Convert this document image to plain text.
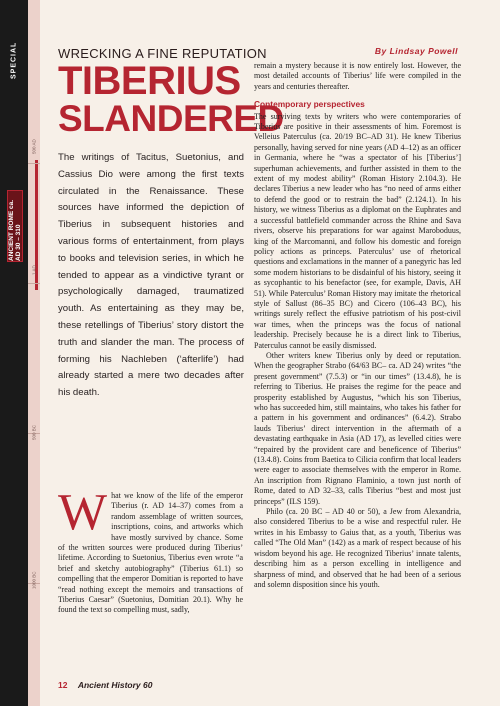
SPECIAL
ANCIENT ROME ca. AD 30 – 310
500 AD
1 AD
500 BC
1000 BC
WRECKING A FINE REPUTATION
TIBERIUS
SLANDERED
The writings of Tacitus, Suetonius, and Cassius Dio were among the first texts circulated in the Renaissance. These sources have informed the depiction of Tiberius in subsequent histories and various forms of entertainment, from plays to books and television series, in which he tended to appear as a vindictive tyrant or psychologically damaged, traumatized youth. As entertaining as they may be, these retellings of Tiberius’ story distort the truth and slander the man. The process of forming his Nachleben (‘afterlife’) had already started a mere two decades after his death.
By Lindsay Powell

What we know of the life of the emperor Tiberius (r. AD 14–37) comes from a random assemblage of written sources, inscriptions, coins, and artworks which have mostly survived by chance. Some of the written sources were produced during Tiberius’ lifetime. According to Suetonius, Tiberius even wrote “a brief and sketchy autobiography” (Tiberius 61.1) so compelling that the emperor Domitian is reported to have “read nothing except the memoirs and transactions of Tiberius Caesar” (Suetonius, Domitian 20.1). Why he found the text so compelling must, sadly,

remain a mystery because it is now entirely lost. However, the most detailed accounts of Tiberius’ life were compiled in the years and centuries thereafter.

Contemporary perspectives

The surviving texts by writers who were contemporaries of Tiberius are positive in their assessments of him. Foremost is Velleius Paterculus (ca. 20/19 BC–AD 31). He knew Tiberius personally, having served for nine years (AD 4–12) as an officer in Germania, where he “was a spectator of his [Tiberius’] superhuman achievements, and further assisted in them to the extent of my modest ability” (Roman History 2.104.3). He declares Tiberius a new leader who has “no need of arms either to defend the good or to restrain the bad” (2.124.1). In his history, we witness Tiberius as a diplomat on the Euphrates and a successful battlefield commander across the Rhine and Sava rivers, observe his preparations for war against Maroboduus, king of the Marcomanni, and follow his domestic and foreign policy actions as princeps. Paterculus’ use of rhetorical questions and exclamations in the manner of a panegyric has led some modern historians to be disdainful of his history, seeing it as sycophantic to his benefactor (see, for example, Davis, AH 51). While Paterculus’ Roman History may imitate the rhetorical style of Sallust (86–35 BC) and Cicero (106–43 BC), his writings surely reflect the effusive patriotism of his post-civil war times, when the princeps was the focus of national leadership. Precisely because he is a direct link to Tiberius, Paterculus cannot be easily dismissed.

Other writers knew Tiberius only by deed or reputation. When the geographer Strabo (64/63 BC– ca. AD 24) writes “the present government” (7.5.3) or “in our times” (13.4.8), he is referring to Tiberius. He praises the regime for the peace and prosperity established by Augustus, “which his son Tiberius, who has succeeded him, still maintains, who takes his father for a pattern in his government and ordinances” (6.4.2). Strabo lauds Tiberius’ direct intervention in the aftermath of a devastating earthquake in Asia (AD 17), as levelled cities were “repaired by the provident care and beneficence of Tiberius” (13.4.8). Coins from Baetica to Cilicia confirm that local leaders were eager to associate themselves with the emperor in Rome. An inscription from Rignano Flaminio, a town just north of Rome, dated to AD 32–33, calls Tiberius “best and most just princeps” (ILS 159).

Philo (ca. 20 BC – AD 40 or 50), a Jew from Alexandria, also considered Tiberius to be a wise and respectful ruler. He writes in his Embassy to Gaius that, as a youth, Tiberius was called “The Old Man” (142) as a mark of respect because of his wisdom beyond his age. He recognized Tiberius’ innate talents, describing him as a person excelling in intelligence and sharpness of mind, and observed that he had been of a serious and solemn disposition since his youth.

12 Ancient History 60
